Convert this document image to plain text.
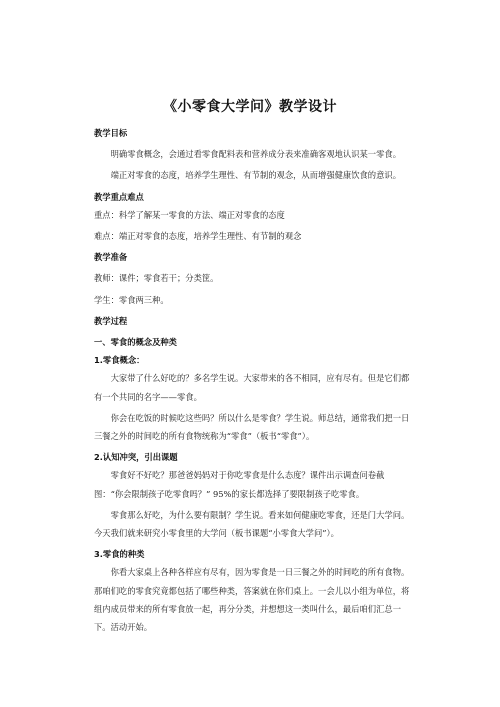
《小零食大学问》教学设计

教学目标

明确零食概念，会通过看零食配料表和营养成分表来准确客观地认识某一零食。

端正对零食的态度，培养学生理性、有节制的观念，从而增强健康饮食的意识。

教学重点难点

重点：科学了解某一零食的方法、端正对零食的态度

难点：端正对零食的态度，培养学生理性、有节制的观念

教学准备

教师：课件；零食若干；分类筐。

学生：零食两三种。

教学过程

一、零食的概念及种类

1.零食概念：

大家带了什么好吃的？多名学生说。大家带来的各不相同，应有尽有。但是它们都有一个共同的名字——零食。

你会在吃饭的时候吃这些吗？所以什么是零食？学生说。师总结，通常我们把一日三餐之外的时间吃的所有食物统称为“零食”（板书“零食”）。

2.认知冲突，引出课题

零食好不好吃？那爸爸妈妈对于你吃零食是什么态度？课件出示调查问卷截图：“你会限制孩子吃零食吗？” 95%的家长都选择了要限制孩子吃零食。

零食那么好吃，为什么要有限制？学生说。看来如何健康吃零食，还是门大学问。今天我们就来研究小零食里的大学问（板书课题“小零食大学问”）。

3.零食的种类

你看大家桌上各种各样应有尽有，因为零食是一日三餐之外的时间吃的所有食物。那咱们吃的零食究竟都包括了哪些种类，答案就在你们桌上。一会儿以小组为单位，将组内成员带来的所有零食放一起，再分分类，并想想这一类叫什么，最后咱们汇总一下。活动开始。
